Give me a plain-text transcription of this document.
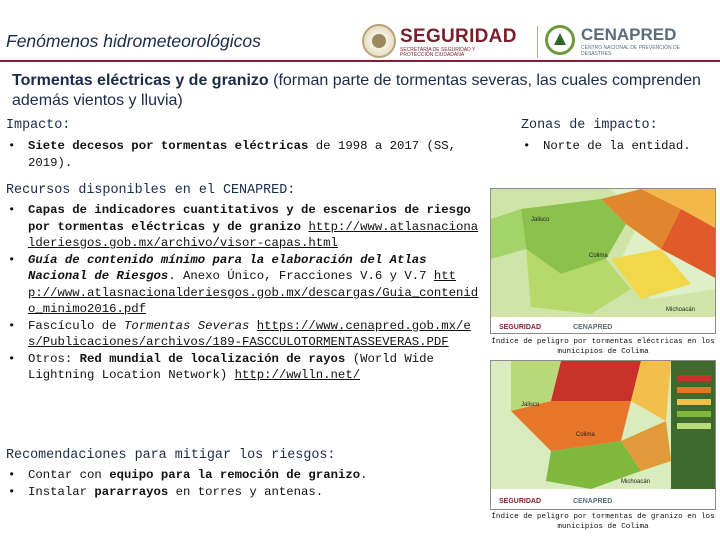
Fenómenos hidrometeorológicos	SEGURIDAD
SECRETARÍA DE SEGURIDAD Y PROTECCIÓN CIUDADANA
CENAPRED
CENTRO NACIONAL DE PREVENCIÓN DE DESASTRES
Tormentas eléctricas y de granizo (forman parte de tormentas severas, las cuales comprenden además vientos y lluvia)
Impacto:
• Siete decesos por tormentas eléctricas de 1998 a 2017 (SS, 2019).
Zonas de impacto:
• Norte de la entidad.
Recursos disponibles en el CENAPRED:
• Capas de indicadores cuantitativos y de escenarios de riesgo por tormentas eléctricas y de granizo http://www.atlasnacionalderiesgos.gob.mx/archivo/visor-capas.html
• Guía de contenido mínimo para la elaboración del Atlas Nacional de Riesgos. Anexo Único, Fracciones V.6 y V.7 http://www.atlasnacionalderiesgos.gob.mx/descargas/Guia_contenido_minimo2016.pdf
• Fascículo de Tormentas Severas https://www.cenapred.gob.mx/es/Publicaciones/archivos/189-FASCCULOTORMENTASSEVERAS.PDF
• Otros: Red mundial de localización de rayos (World Wide Lightning Location Network) http://wwlln.net/
Recomendaciones para mitigar los riesgos:
• Contar con equipo para la remoción de granizo.
• Instalar pararrayos en torres y antenas.
Jalisco
Colima
Michoacán
SEGURIDAD	CENAPRED
Índice de peligro por tormentas eléctricas en los municipios de Colima
Jalisco
Colima
Michoacán
SEGURIDAD	CENAPRED
Índice de peligro por tormentas de granizo en los municipios de Colima
